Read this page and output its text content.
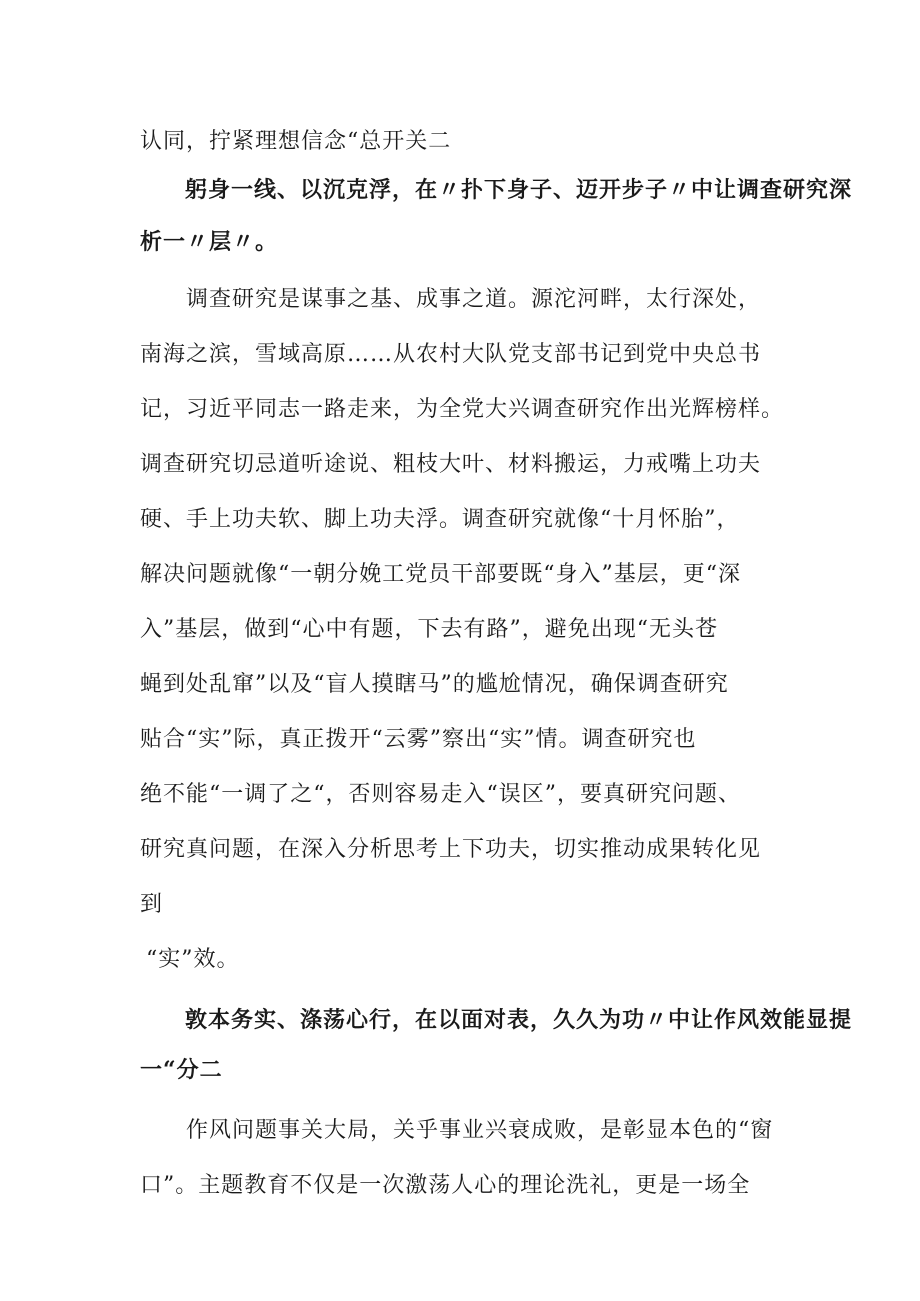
认同，拧紧理想信念“总开关二
躬身一线、以沉克浮，在〃扑下身子、迈开步子〃中让调查研究深
析一〃层〃。
调查研究是谋事之基、成事之道。源沱河畔，太行深处，
南海之滨，雪域高原……从农村大队党支部书记到党中央总书
记，习近平同志一路走来，为全党大兴调查研究作出光辉榜样。
调查研究切忌道听途说、粗枝大叶、材料搬运，力戒嘴上功夫
硬、手上功夫软、脚上功夫浮。调查研究就像“十月怀胎”，
解决问题就像“一朝分娩工党员干部要既“身入”基层，更“深
入”基层，做到“心中有题，下去有路”，避免出现“无头苍
蝇到处乱窜”以及“盲人摸瞎马”的尴尬情况，确保调查研究
贴合“实”际，真正拨开“云雾”察出“实”情。调查研究也
绝不能“一调了之“，否则容易走入“误区”，要真研究问题、
研究真问题，在深入分析思考上下功夫，切实推动成果转化见
到
“实”效。
敦本务实、涤荡心行，在以面对表，久久为功〃中让作风效能显提
一“分二
作风问题事关大局，关乎事业兴衰成败，是彰显本色的“窗
口”。主题教育不仅是一次激荡人心的理论洗礼，更是一场全
